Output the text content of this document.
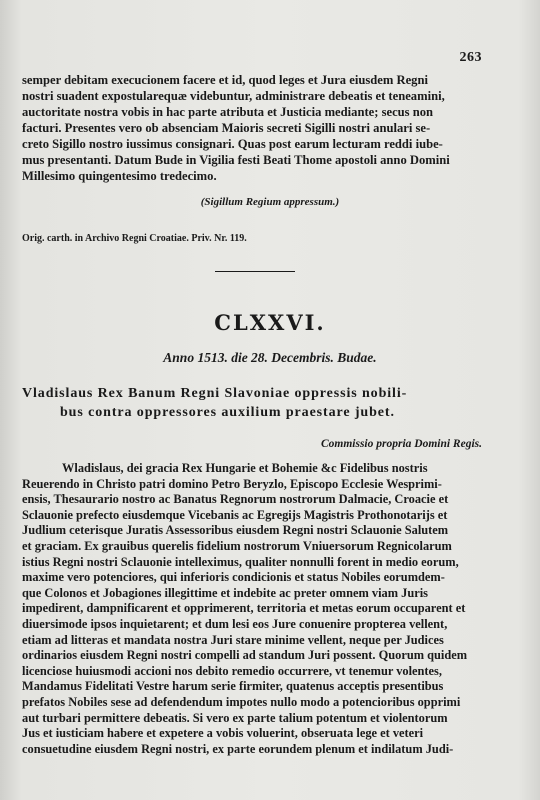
263
semper debitam execucionem facere et id, quod leges et Jura eiusdem Regni
nostri suadent expostularequæ videbuntur, administrare debeatis et teneamini,
auctoritate nostra vobis in hac parte atributa et Justicia mediante; secus non
facturi. Presentes vero ob absenciam Maioris secreti Sigilli nostri anulari se-
creto Sigillo nostro iussimus consignari. Quas post earum lecturam reddi iube-
mus presentanti. Datum Bude in Vigilia festi Beati Thome apostoli anno Domini
Millesimo quingentesimo tredecimo.
(Sigillum Regium appressum.)
Orig. carth. in Archivo Regni Croatiae. Priv. Nr. 119.
CLXXVI.
Anno 1513. die 28. Decembris. Budae.
Vladislaus Rex Banum Regni Slavoniae oppressis nobili-
bus contra oppressores auxilium praestare jubet.
Commissio propria Domini Regis.
Wladislaus, dei gracia Rex Hungarie et Bohemie &c Fidelibus nostris
Reuerendo in Christo patri domino Petro Beryzlo, Episcopo Ecclesie Wesprimi-
ensis, Thesaurario nostro ac Banatus Regnorum nostrorum Dalmacie, Croacie et
Sclauonie prefecto eiusdemque Vicebanis ac Egregijs Magistris Prothonotarijs et
Judlium ceterisque Juratis Assessoribus eiusdem Regni nostri Sclauonie Salutem
et graciam. Ex grauibus querelis fidelium nostrorum Vniuersorum Regnicolarum
istius Regni nostri Sclauonie intelleximus, qualiter nonnulli forent in medio eorum,
maxime vero potenciores, qui inferioris condicionis et status Nobiles eorumdem-
que Colonos et Jobagiones illegittime et indebite ac preter omnem viam Juris
impedirent, dampnificarent et opprimerent, territoria et metas eorum occuparent et
diuersimode ipsos inquietarent; et dum lesi eos Jure conuenire propterea vellent,
etiam ad litteras et mandata nostra Juri stare minime vellent, neque per Judices
ordinarios eiusdem Regni nostri compelli ad standum Juri possent. Quorum quidem
licenciose huiusmodi accioni nos debito remedio occurrere, vt tenemur volentes,
Mandamus Fidelitati Vestre harum serie firmiter, quatenus acceptis presentibus
prefatos Nobiles sese ad defendendum impotes nullo modo a potencioribus opprimi
aut turbari permittere debeatis. Si vero ex parte talium potentum et violentorum
Jus et iusticiam habere et expetere a vobis voluerint, obseruata lege et veteri
consuetudine eiusdem Regni nostri, ex parte eorundem plenum et indilatum Judi-
